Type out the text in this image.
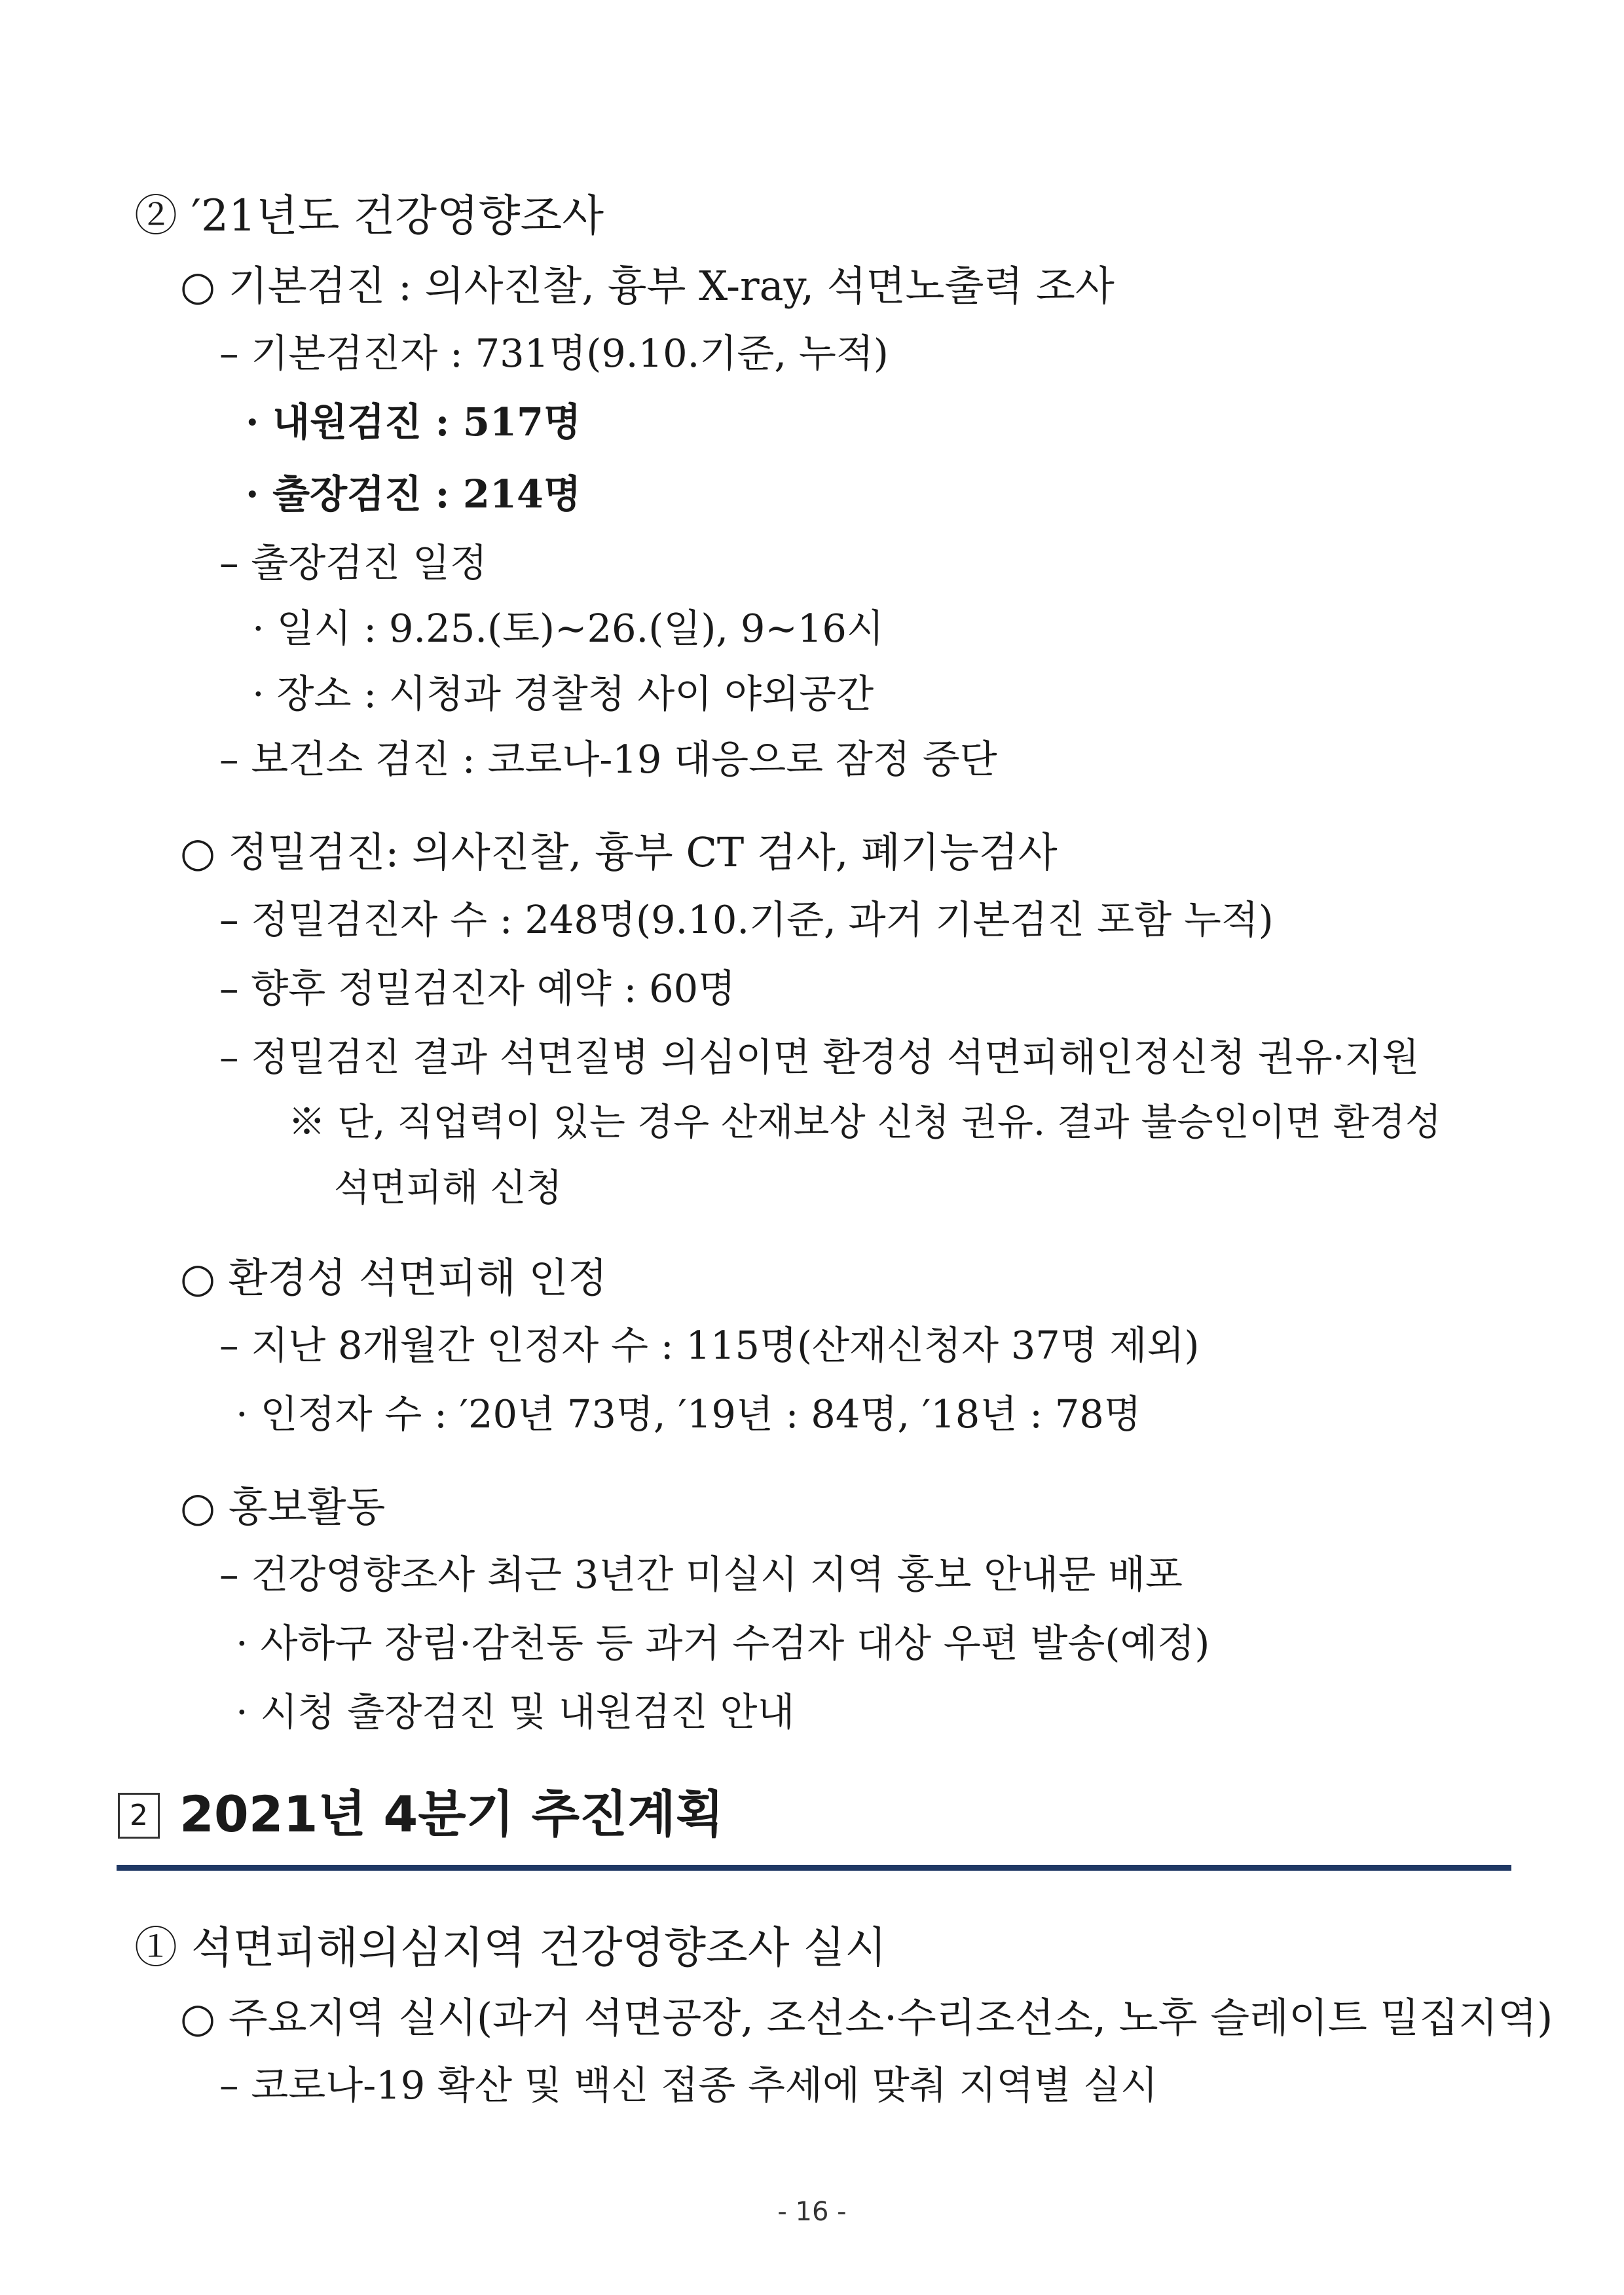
② ′21년도 건강영향조사
○ 기본검진 : 의사진찰, 흉부 X-ray, 석면노출력 조사
– 기본검진자 : 731명(9.10.기준, 누적)
· 내원검진 : 517명
· 출장검진 : 214명
– 출장검진 일정
· 일시 : 9.25.(토)~26.(일), 9~16시
· 장소 : 시청과 경찰청 사이 야외공간
– 보건소 검진 : 코로나-19 대응으로 잠정 중단
○ 정밀검진: 의사진찰, 흉부 CT 검사, 폐기능검사
– 정밀검진자 수 : 248명(9.10.기준, 과거 기본검진 포함 누적)
– 향후 정밀검진자 예약 : 60명
– 정밀검진 결과 석면질병 의심이면 환경성 석면피해인정신청 권유·지원
※ 단, 직업력이 있는 경우 산재보상 신청 권유. 결과 불승인이면 환경성
석면피해 신청
○ 환경성 석면피해 인정
– 지난 8개월간 인정자 수 : 115명(산재신청자 37명 제외)
· 인정자 수 : ′20년 73명, ′19년 : 84명, ′18년 : 78명
○ 홍보활동
– 건강영향조사 최근 3년간 미실시 지역 홍보 안내문 배포
· 사하구 장림·감천동 등 과거 수검자 대상 우편 발송(예정)
· 시청 출장검진 및 내원검진 안내
2 2021년 4분기 추진계획
① 석면피해의심지역 건강영향조사 실시
○ 주요지역 실시(과거 석면공장, 조선소·수리조선소, 노후 슬레이트 밀집지역)
– 코로나-19 확산 및 백신 접종 추세에 맞춰 지역별 실시
- 16 -
